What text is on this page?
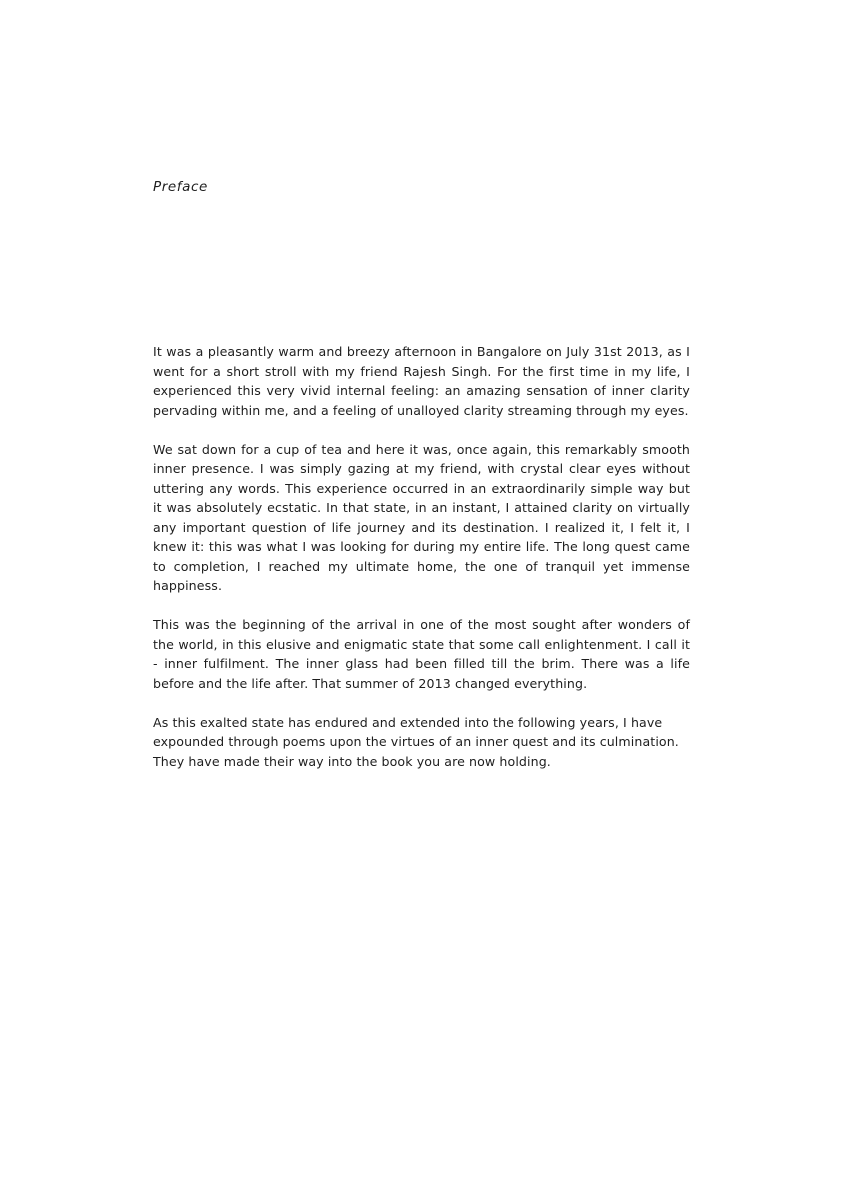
Preface

It was a pleasantly warm and breezy afternoon in Bangalore on July 31st 2013, as I went for a short stroll with my friend Rajesh Singh. For the first time in my life, I experienced this very vivid internal feeling: an amazing sensation of inner clarity pervading within me, and a feeling of unalloyed clarity streaming through my eyes.

We sat down for a cup of tea and here it was, once again, this remarkably smooth inner presence. I was simply gazing at my friend, with crystal clear eyes without uttering any words. This experience occurred in an extraordinarily simple way but it was absolutely ecstatic. In that state, in an instant, I attained clarity on virtually any important question of life journey and its destination. I realized it, I felt it, I knew it: this was what I was looking for during my entire life. The long quest came to completion, I reached my ultimate home, the one of tranquil yet immense happiness.

This was the beginning of the arrival in one of the most sought after wonders of the world, in this elusive and enigmatic state that some call enlightenment. I call it - inner fulfilment. The inner glass had been filled till the brim. There was a life before and the life after. That summer of 2013 changed everything.

As this exalted state has endured and extended into the following years, I have expounded through poems upon the virtues of an inner quest and its culmination. They have made their way into the book you are now holding.
